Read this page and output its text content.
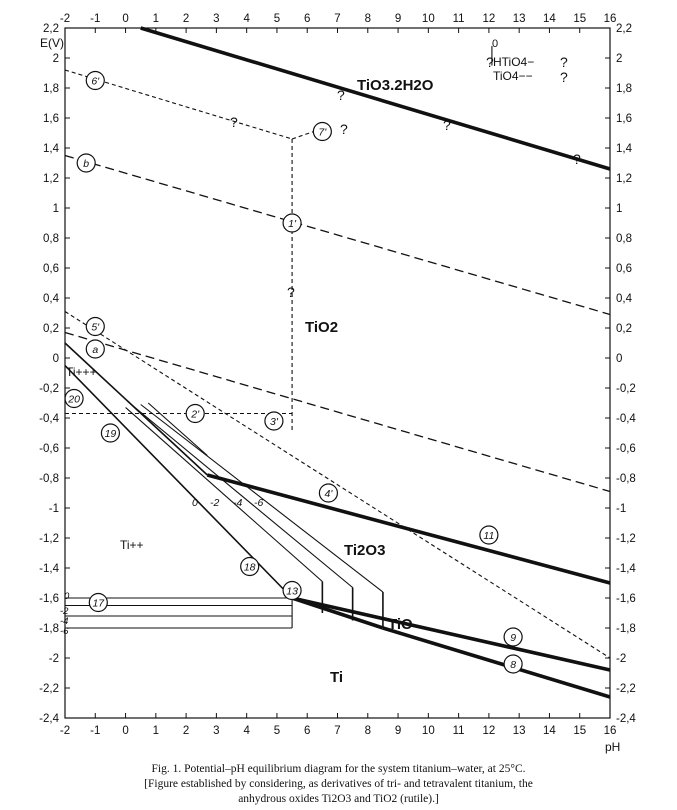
-2
-2
-1
-1
0
0
1
1
2
2
3
3
4
4
5
5
6
6
7
7
8
8
9
9
10
10
11
11
12
12
13
13
14
14
15
15
16
16
2,2	2,2
2	2
1,8	1,8
1,6	1,6
1,4	1,4
1,2	1,2
1	1
0,8	0,8
0,6	0,6
0,4	0,4
0,2	0,2
0	0
-0,2	-0,2
-0,4	-0,4
-0,6	-0,6
-0,8	-0,8
-1	-1
-1,2	-1,2
-1,4	-1,4
-1,6	-1,6
-1,8	-1,8
-2	-2
-2,2	-2,2
-2,4	-2,4
E(V)
pH
TiO3.2H2O
TiO2
Ti2O3
TiO
Ti
Ti+++
Ti++
HTiO4−
TiO4−−
0
?
?
?
?	?
?
?	?
?
0 -2 -4 -6
0
-2
-4
-6
6'
7'
b
1'
5'
a
20
2'
3'
19
4'
18
11
13
17
9
8
Fig. 1. Potential–pH equilibrium diagram for the system titanium–water, at 25°C.
[Figure established by considering, as derivatives of tri- and tetravalent titanium, the
anhydrous oxides Ti2O3 and TiO2 (rutile).]
